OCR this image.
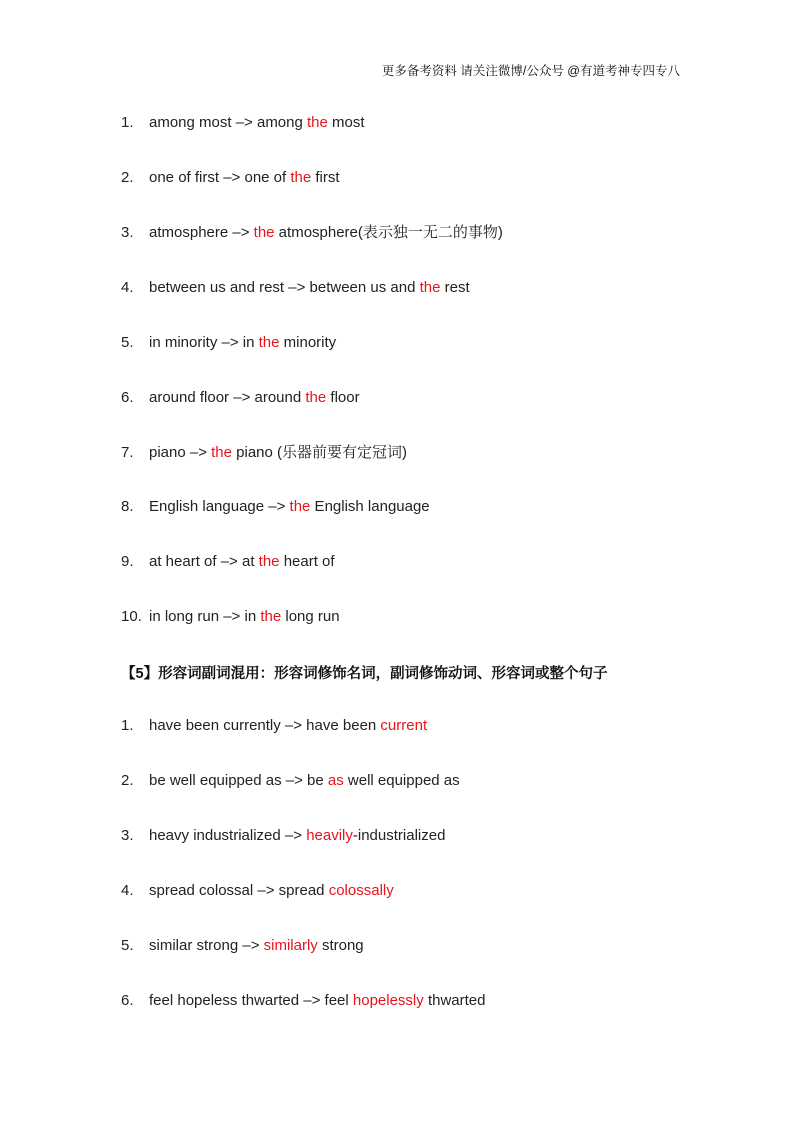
更多备考资料 请关注微博/公众号 @有道考神专四专八
1. among most –> among the most
2. one of first –> one of the first
3. atmosphere –> the atmosphere(表示独一无二的事物)
4. between us and rest –> between us and the rest
5. in minority –> in the minority
6. around floor –> around the floor
7. piano –> the piano (乐器前要有定冠词)
8. English language –> the English language
9. at heart of –> at the heart of
10. in long run –> in the long run
【5】形容词副词混用：形容词修饰名词，副词修饰动词、形容词或整个句子
1. have been currently –> have been current
2. be well equipped as –> be as well equipped as
3. heavy industrialized –> heavily-industrialized
4. spread colossal –> spread colossally
5. similar strong –> similarly strong
6. feel hopeless thwarted –> feel hopelessly thwarted
